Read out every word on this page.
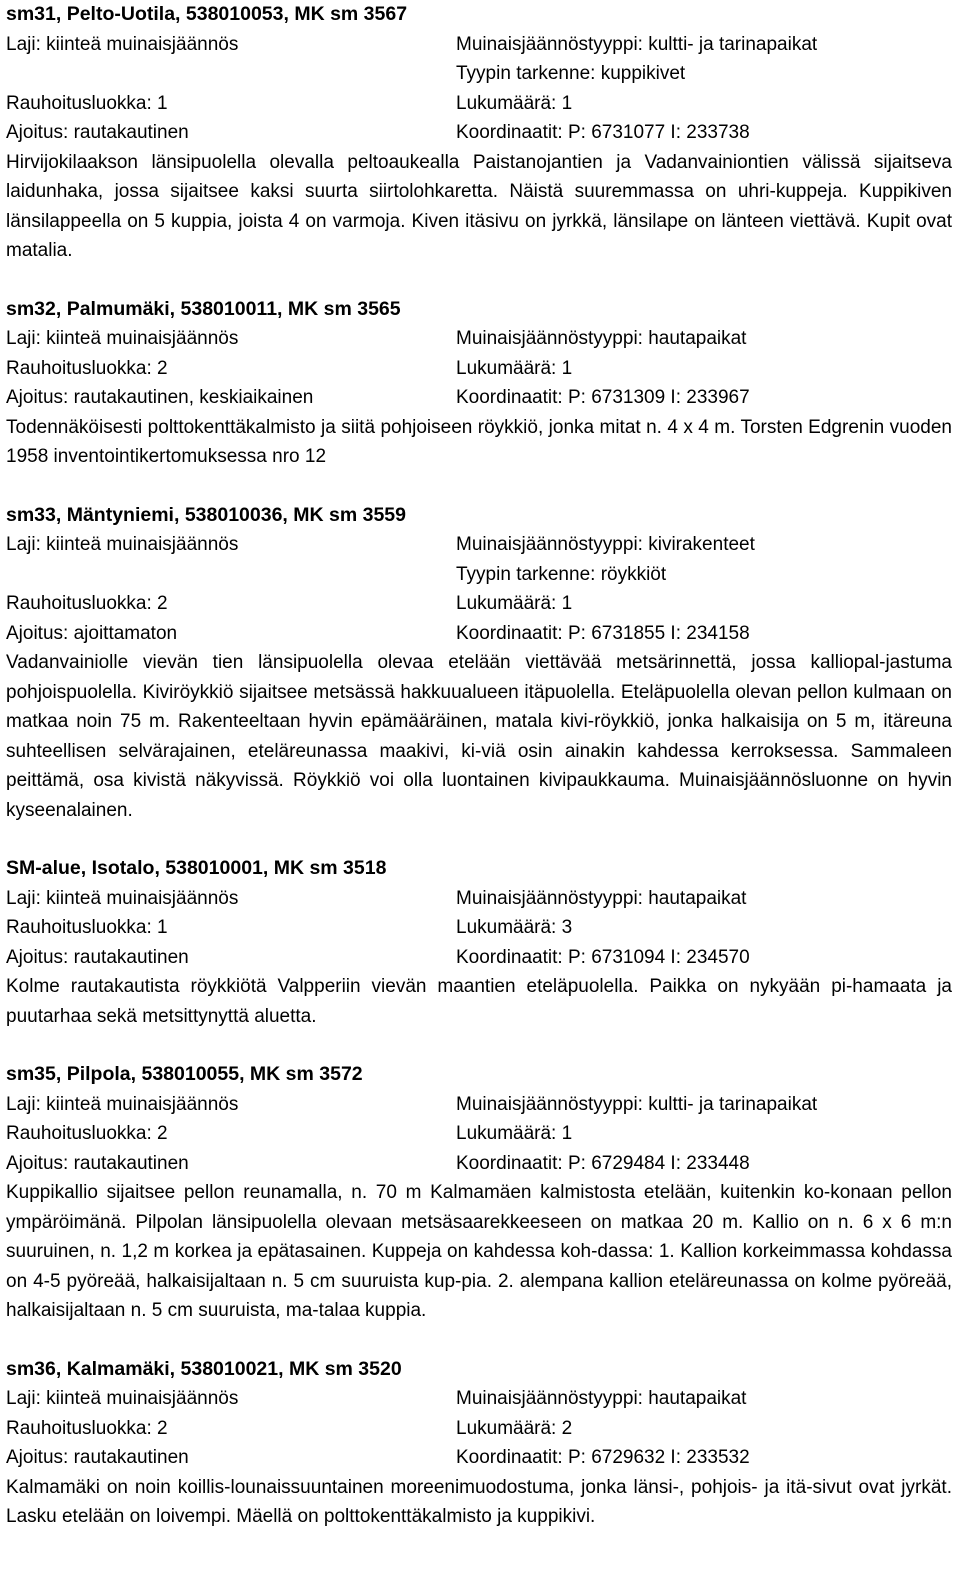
sm31, Pelto-Uotila, 538010053, MK sm 3567
Laji: kiinteä muinaisjäännös	Muinaisjäännöstyyppi: kultti- ja tarinapaikat
Tyypin tarkenne: kuppikivet
Rauhoitusluokka: 1	Lukumäärä: 1
Ajoitus: rautakautinen	Koordinaatit: P: 6731077 I: 233738
Hirvijokilaakson länsipuolella olevalla peltoaukealla Paistanojantien ja Vadanvainiontien välissä sijaitseva laidunhaka, jossa sijaitsee kaksi suurta siirtolohkaretta. Näistä suuremmassa on uhri-kuppeja. Kuppikiven länsilappeella on 5 kuppia, joista 4 on varmoja. Kiven itäsivu on jyrkkä, länsilape on länteen viettävä. Kupit ovat matalia.
sm32, Palmumäki, 538010011, MK sm 3565
Laji: kiinteä muinaisjäännös	Muinaisjäännöstyyppi: hautapaikat
Rauhoitusluokka: 2	Lukumäärä: 1
Ajoitus: rautakautinen, keskiaikainen	Koordinaatit: P: 6731309 I: 233967
Todennäköisesti polttokenttäkalmisto ja siitä pohjoiseen röykkiö, jonka mitat n. 4 x 4 m. Torsten Edgrenin vuoden 1958 inventointikertomuksessa nro 12
sm33, Mäntyniemi, 538010036, MK sm 3559
Laji: kiinteä muinaisjäännös	Muinaisjäännöstyyppi: kivirakenteet
Tyypin tarkenne: röykkiöt
Rauhoitusluokka: 2	Lukumäärä: 1
Ajoitus: ajoittamaton	Koordinaatit: P: 6731855 I: 234158
Vadanvainiolle vievän tien länsipuolella olevaa etelään viettävää metsärinnettä, jossa kalliopal-jastuma pohjoispuolella. Kiviröykkiö sijaitsee metsässä hakkuualueen itäpuolella. Eteläpuolella olevan pellon kulmaan on matkaa noin 75 m. Rakenteeltaan hyvin epämääräinen, matala kivi-röykkiö, jonka halkaisija on 5 m, itäreuna suhteellisen selvärajainen, eteläreunassa maakivi, ki-viä osin ainakin kahdessa kerroksessa. Sammaleen peittämä, osa kivistä näkyvissä. Röykkiö voi olla luontainen kivipaukkauma. Muinaisjäännösluonne on hyvin kyseenalainen.
SM-alue, Isotalo, 538010001, MK sm 3518
Laji: kiinteä muinaisjäännös	Muinaisjäännöstyyppi: hautapaikat
Rauhoitusluokka: 1	Lukumäärä: 3
Ajoitus: rautakautinen	Koordinaatit: P: 6731094 I: 234570
Kolme rautakautista röykkiötä Valpperiin vievän maantien eteläpuolella. Paikka on nykyään pi-hamaata ja puutarhaa sekä metsittynyttä aluetta.
sm35, Pilpola, 538010055, MK sm 3572
Laji: kiinteä muinaisjäännös	Muinaisjäännöstyyppi: kultti- ja tarinapaikat
Rauhoitusluokka: 2	Lukumäärä: 1
Ajoitus: rautakautinen	Koordinaatit: P: 6729484 I: 233448
Kuppikallio sijaitsee pellon reunamalla, n. 70 m Kalmamäen kalmistosta etelään, kuitenkin ko-konaan pellon ympäröimänä. Pilpolan länsipuolella olevaan metsäsaarekkeeseen on matkaa 20 m. Kallio on n. 6 x 6 m:n suuruinen, n. 1,2 m korkea ja epätasainen. Kuppeja on kahdessa koh-dassa: 1. Kallion korkeimmassa kohdassa on 4-5 pyöreää, halkaisijaltaan n. 5 cm suuruista kup-pia. 2. alempana kallion eteläreunassa on kolme pyöreää, halkaisijaltaan n. 5 cm suuruista, ma-talaa kuppia.
sm36, Kalmamäki, 538010021, MK sm 3520
Laji: kiinteä muinaisjäännös	Muinaisjäännöstyyppi: hautapaikat
Rauhoitusluokka: 2	Lukumäärä: 2
Ajoitus: rautakautinen	Koordinaatit: P: 6729632 I: 233532
Kalmamäki on noin koillis-lounaissuuntainen moreenimuodostuma, jonka länsi-, pohjois- ja itä-sivut ovat jyrkät. Lasku etelään on loivempi. Mäellä on polttokenttäkalmisto ja kuppikivi.
